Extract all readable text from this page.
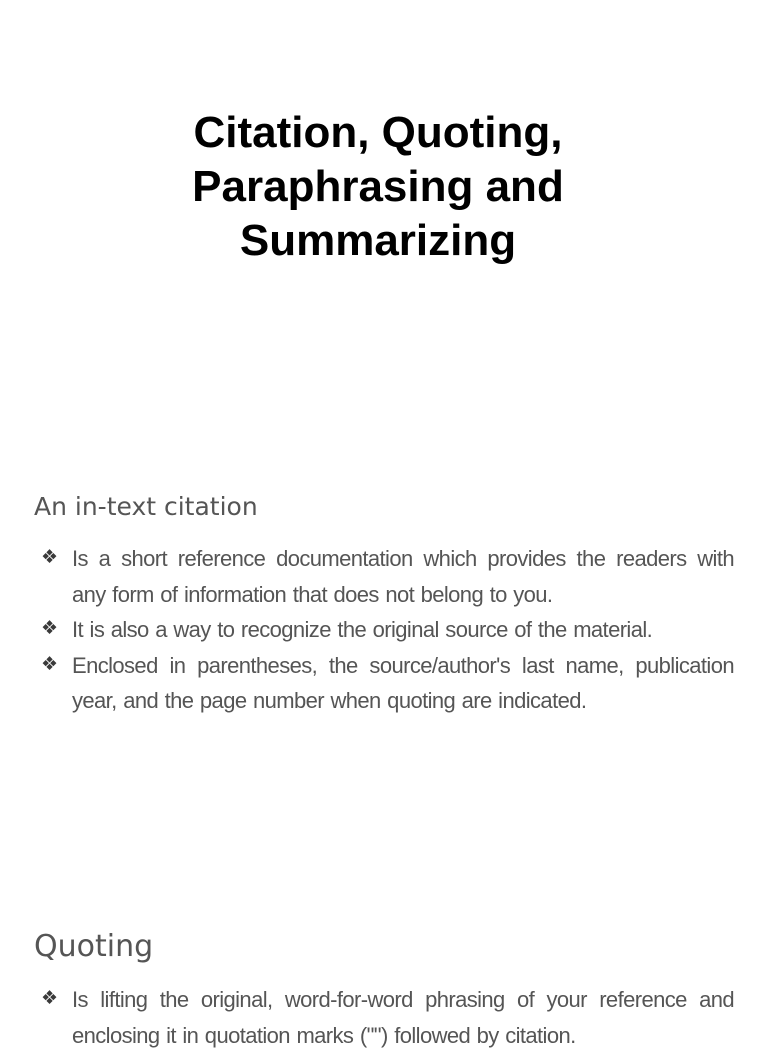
Citation, Quoting, Paraphrasing and Summarizing
An in-text citation
❖ Is a short reference documentation which provides the readers with any form of information that does not belong to you.
❖ It is also a way to recognize the original source of the material.
❖ Enclosed in parentheses, the source/author's last name, publication year, and the page number when quoting are indicated.
Quoting
❖ Is lifting the original, word-for-word phrasing of your reference and enclosing it in quotation marks ("") followed by citation.
